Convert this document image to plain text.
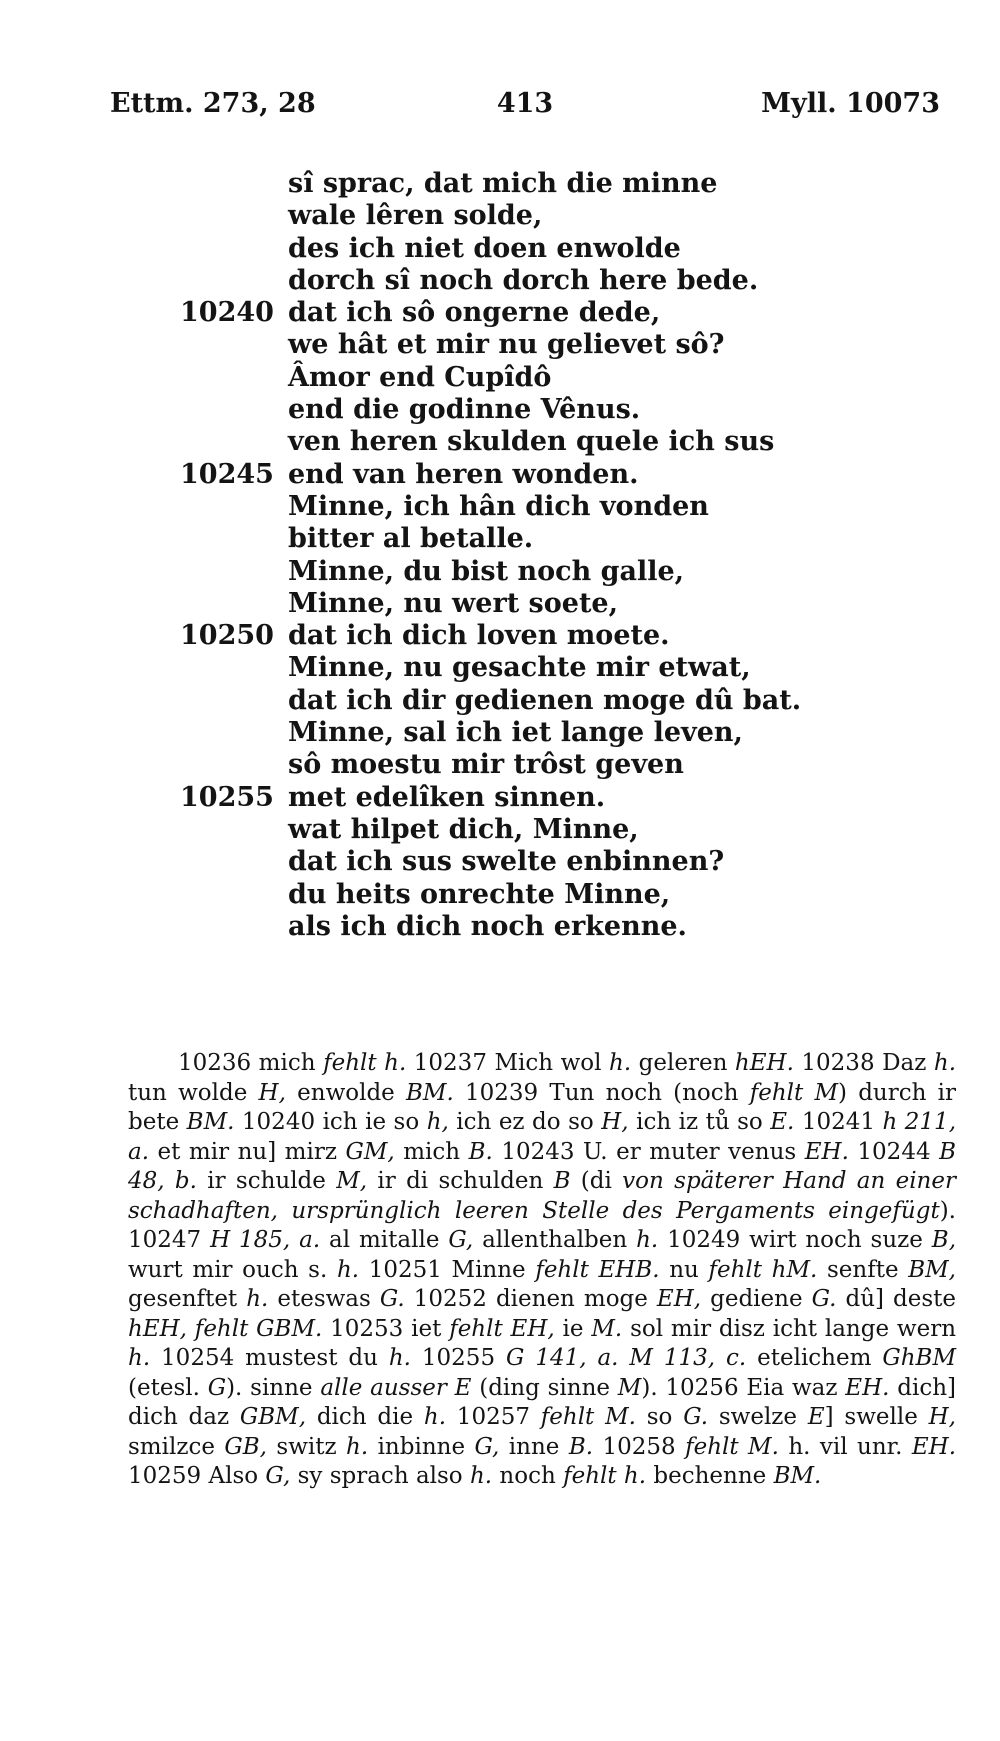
Ettm. 273, 28	413	Myll. 10073
sî sprac, dat mich die minne
wale lêren solde,
des ich niet doen enwolde
dorch sî noch dorch here bede.
10240 dat ich sô ongerne dede,
we hât et mir nu gelievet sô?
Âmor end Cupîdô
end die godinne Vênus.
ven heren skulden quele ich sus
10245 end van heren wonden.
Minne, ich hân dich vonden
bitter al betalle.
Minne, du bist noch galle,
Minne, nu wert soete,
10250 dat ich dich loven moete.
Minne, nu gesachte mir etwat,
dat ich dir gedienen moge dû bat.
Minne, sal ich iet lange leven,
sô moestu mir trôst geven
10255 met edelîken sinnen.
wat hilpet dich, Minne,
dat ich sus swelte enbinnen?
du heits onrechte Minne,
als ich dich noch erkenne.

10236 mich fehlt h. 10237 Mich wol h. geleren hEH. 10238 Daz h. tun wolde H, enwolde BM. 10239 Tun noch (noch fehlt M) durch ir bete BM. 10240 ich ie so h, ich ez do so H, ich iz tů so E. 10241 h 211, a. et mir nu] mirz GM, mich B. 10243 U. er muter venus EH. 10244 B 48, b. ir schulde M, ir di schulden B (di von späterer Hand an einer schadhaften, ursprünglich leeren Stelle des Pergaments eingefügt). 10247 H 185, a. al mitalle G, allenthalben h. 10249 wirt noch suze B, wurt mir ouch s. h. 10251 Minne fehlt EHB. nu fehlt hM. senfte BM, gesenftet h. eteswas G. 10252 dienen moge EH, gediene G. dû] deste hEH, fehlt GBM. 10253 iet fehlt EH, ie M. sol mir disz icht lange wern h. 10254 mustest du h. 10255 G 141, a. M 113, c. etelichem GhBM (etesl. G). sinne alle ausser E (ding sinne M). 10256 Eia waz EH. dich] dich daz GBM, dich die h. 10257 fehlt M. so G. swelze E] swelle H, smilzce GB, switz h. inbinne G, inne B. 10258 fehlt M. h. vil unr. EH. 10259 Also G, sy sprach also h. noch fehlt h. bechenne BM.
